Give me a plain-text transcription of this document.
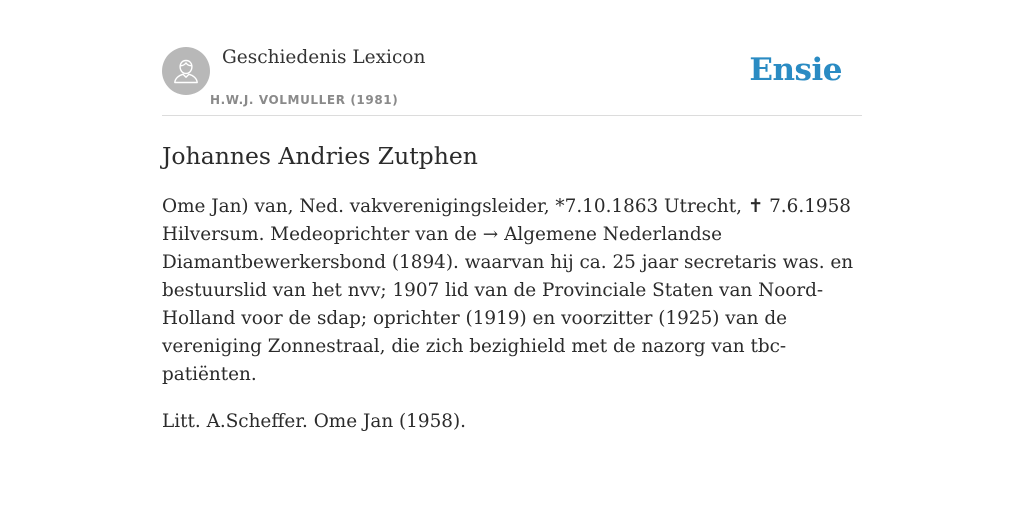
Geschiedenis Lexicon
H.W.J. VOLMULLER (1981)
Ensie
Johannes Andries Zutphen

Ome Jan) van, Ned. vakverenigingsleider, *7.10.1863 Utrecht, ✝ 7.6.1958 Hilversum. Medeoprichter van de → Algemene Nederlandse Diamantbewerkersbond (1894). waarvan hij ca. 25 jaar secretaris was. en bestuurslid van het nvv; 1907 lid van de Provinciale Staten van Noord-Holland voor de sdap; oprichter (1919) en voorzitter (1925) van de vereniging Zonnestraal, die zich bezighield met de nazorg van tbc-patiënten.

Litt. A.Scheffer. Ome Jan (1958).
